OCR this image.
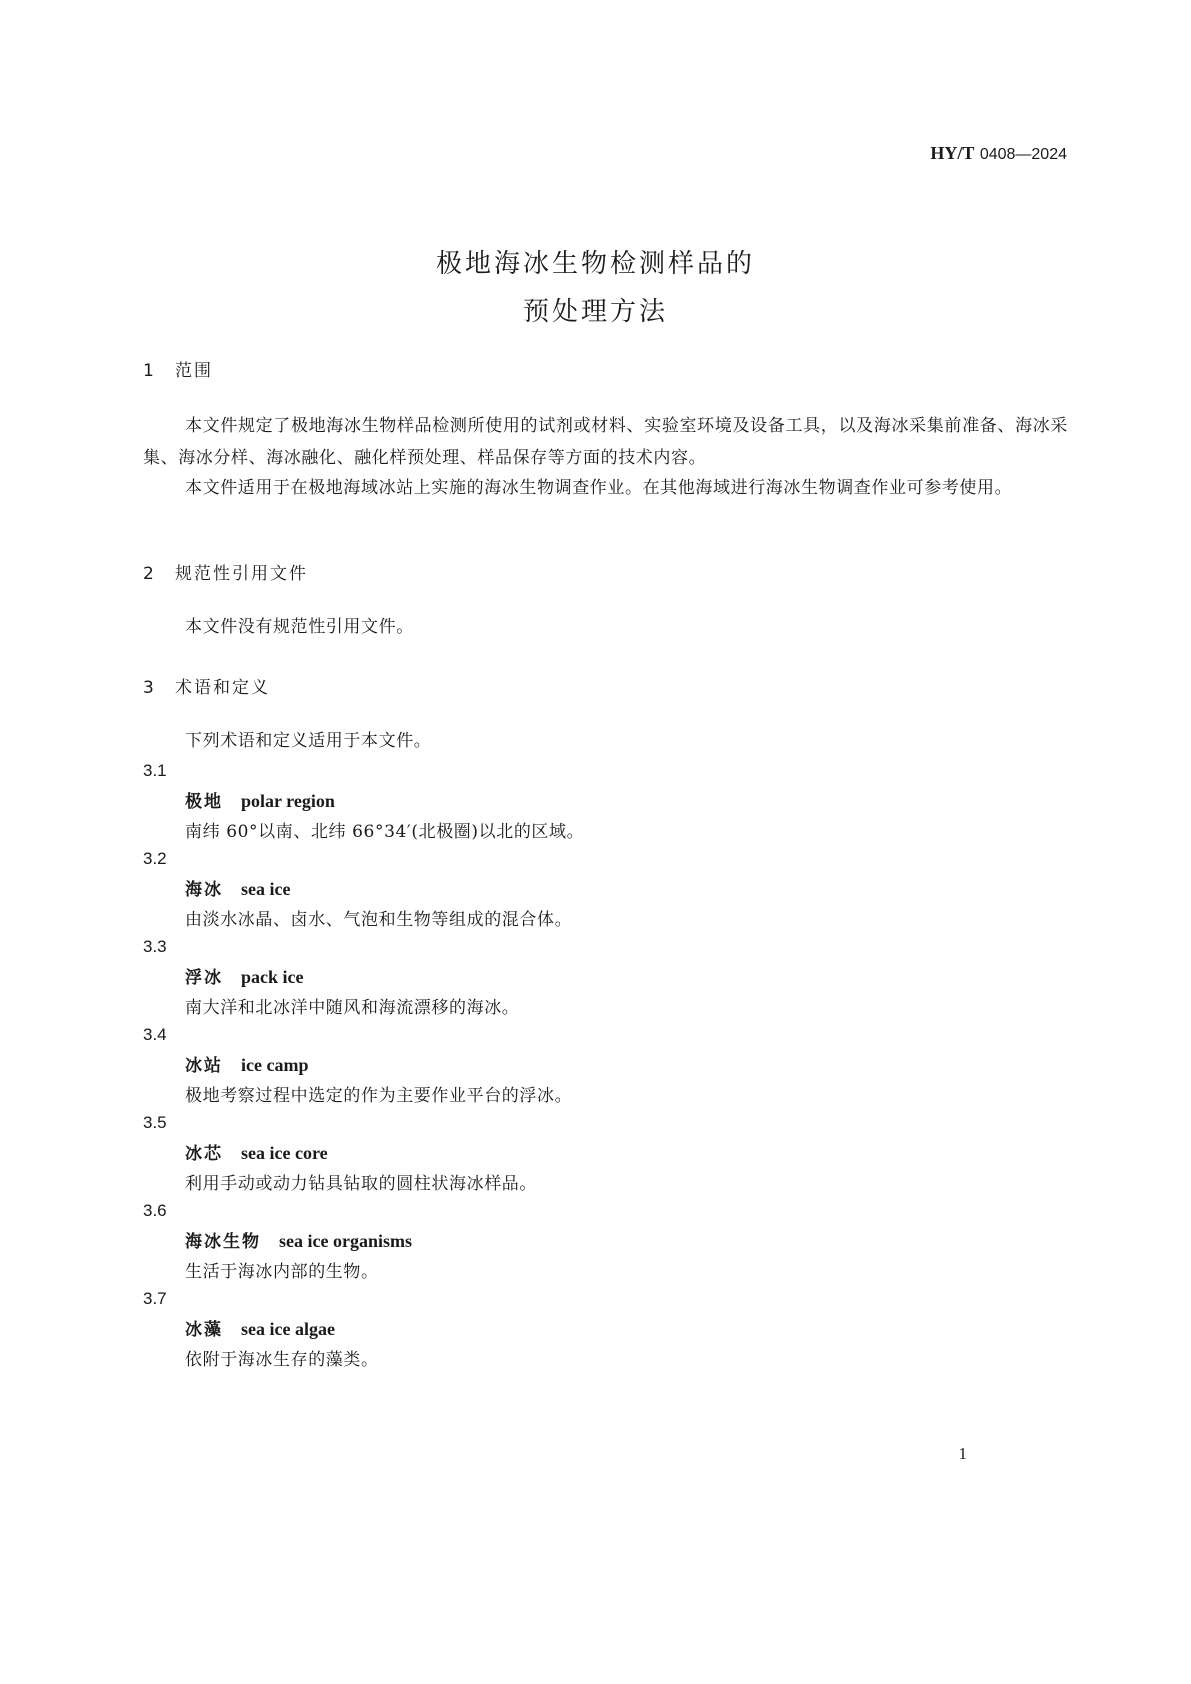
HY/T 0408—2024
极地海冰生物检测样品的
预处理方法
1 范围
本文件规定了极地海冰生物样品检测所使用的试剂或材料、实验室环境及设备工具，以及海冰采集前准备、海冰采集、海冰分样、海冰融化、融化样预处理、样品保存等方面的技术内容。
本文件适用于在极地海域冰站上实施的海冰生物调查作业。在其他海域进行海冰生物调查作业可参考使用。
2 规范性引用文件
本文件没有规范性引用文件。
3 术语和定义
下列术语和定义适用于本文件。
3.1
极地 polar region
南纬 60°以南、北纬 66°34′(北极圈)以北的区域。
3.2
海冰 sea ice
由淡水冰晶、卤水、气泡和生物等组成的混合体。
3.3
浮冰 pack ice
南大洋和北冰洋中随风和海流漂移的海冰。
3.4
冰站 ice camp
极地考察过程中选定的作为主要作业平台的浮冰。
3.5
冰芯 sea ice core
利用手动或动力钻具钻取的圆柱状海冰样品。
3.6
海冰生物 sea ice organisms
生活于海冰内部的生物。
3.7
冰藻 sea ice algae
依附于海冰生存的藻类。
1
